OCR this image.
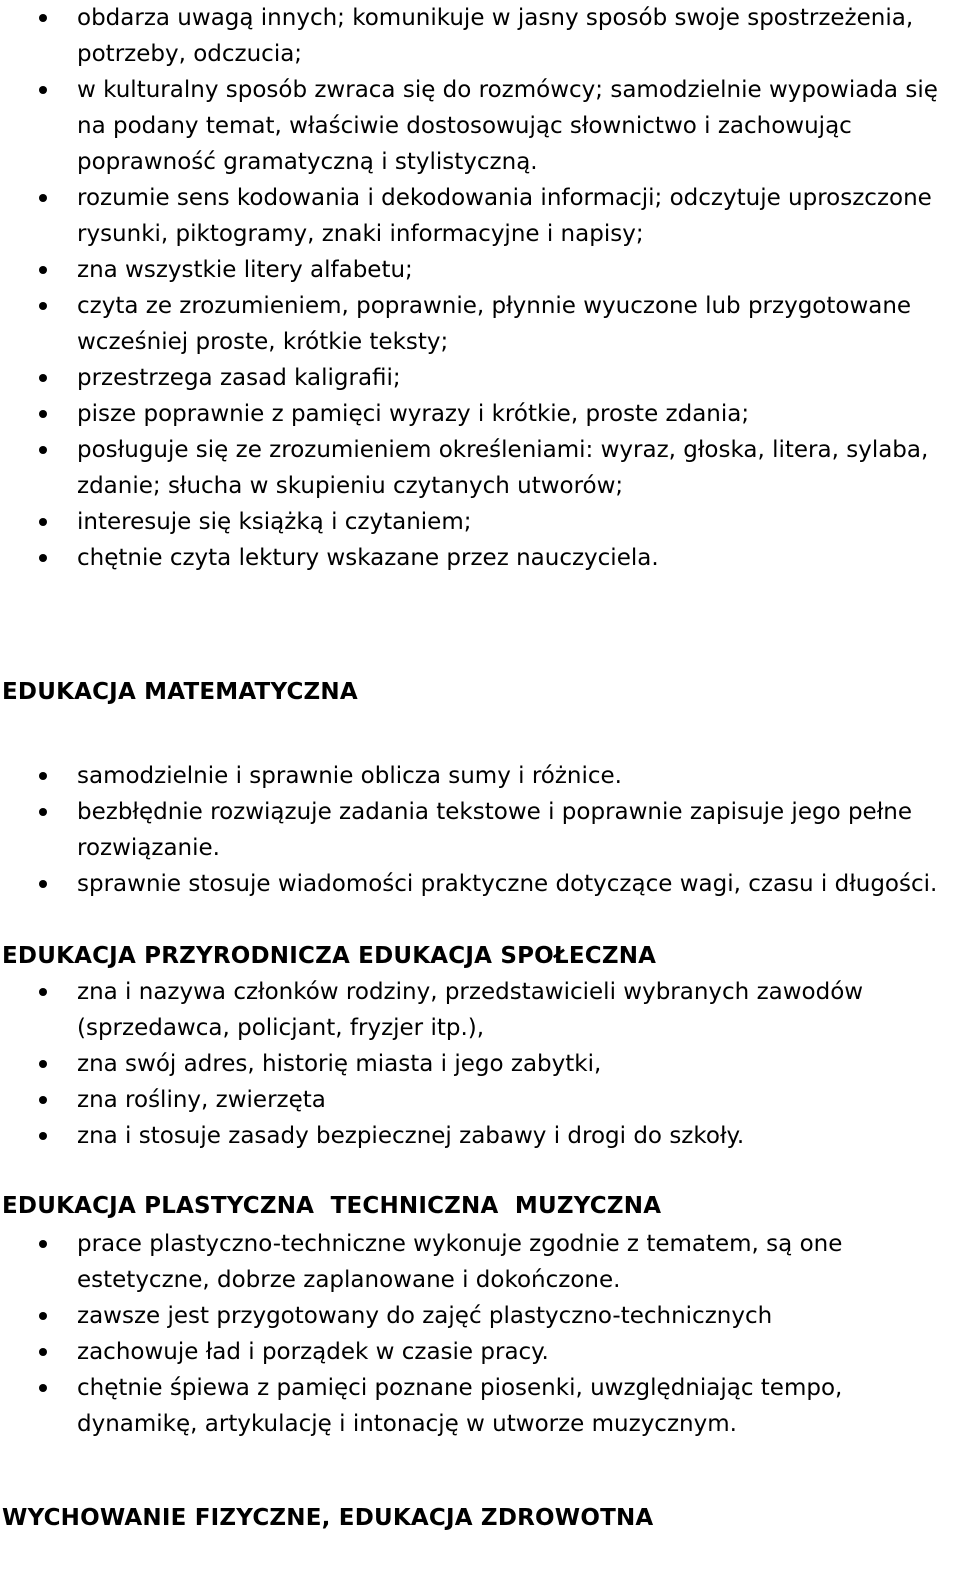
obdarza uwagą innych; komunikuje w jasny sposób swoje spostrzeżenia, potrzeby, odczucia;
w kulturalny sposób zwraca się do rozmówcy; samodzielnie wypowiada się na podany temat, właściwie dostosowując słownictwo i zachowując poprawność gramatyczną i stylistyczną.
rozumie sens kodowania i dekodowania informacji; odczytuje uproszczone rysunki, piktogramy, znaki informacyjne i napisy;
zna wszystkie litery alfabetu;
czyta ze zrozumieniem, poprawnie, płynnie wyuczone lub przygotowane wcześniej proste, krótkie teksty;
przestrzega zasad kaligrafii;
pisze poprawnie z pamięci wyrazy i krótkie, proste zdania;
posługuje się ze zrozumieniem określeniami: wyraz, głoska, litera, sylaba, zdanie; słucha w skupieniu czytanych utworów;
interesuje się książką i czytaniem;
chętnie czyta lektury wskazane przez nauczyciela.
EDUKACJA MATEMATYCZNA
samodzielnie i sprawnie oblicza sumy i różnice.
bezbłędnie rozwiązuje zadania tekstowe i poprawnie zapisuje jego pełne rozwiązanie.
sprawnie stosuje wiadomości praktyczne dotyczące wagi, czasu i długości.
EDUKACJA PRZYRODNICZA EDUKACJA SPOŁECZNA
zna i nazywa członków rodziny, przedstawicieli wybranych zawodów (sprzedawca, policjant, fryzjer itp.),
zna swój adres, historię miasta i jego zabytki,
zna rośliny, zwierzęta
zna i stosuje zasady bezpiecznej zabawy i drogi do szkoły.
EDUKACJA PLASTYCZNA  TECHNICZNA  MUZYCZNA
prace plastyczno-techniczne wykonuje zgodnie z tematem, są one estetyczne, dobrze zaplanowane i dokończone.
zawsze jest przygotowany do zajęć plastyczno-technicznych
zachowuje ład i porządek w czasie pracy.
chętnie śpiewa z pamięci poznane piosenki, uwzględniając tempo, dynamikę, artykulację i intonację w utworze muzycznym.
WYCHOWANIE FIZYCZNE, EDUKACJA ZDROWOTNA
